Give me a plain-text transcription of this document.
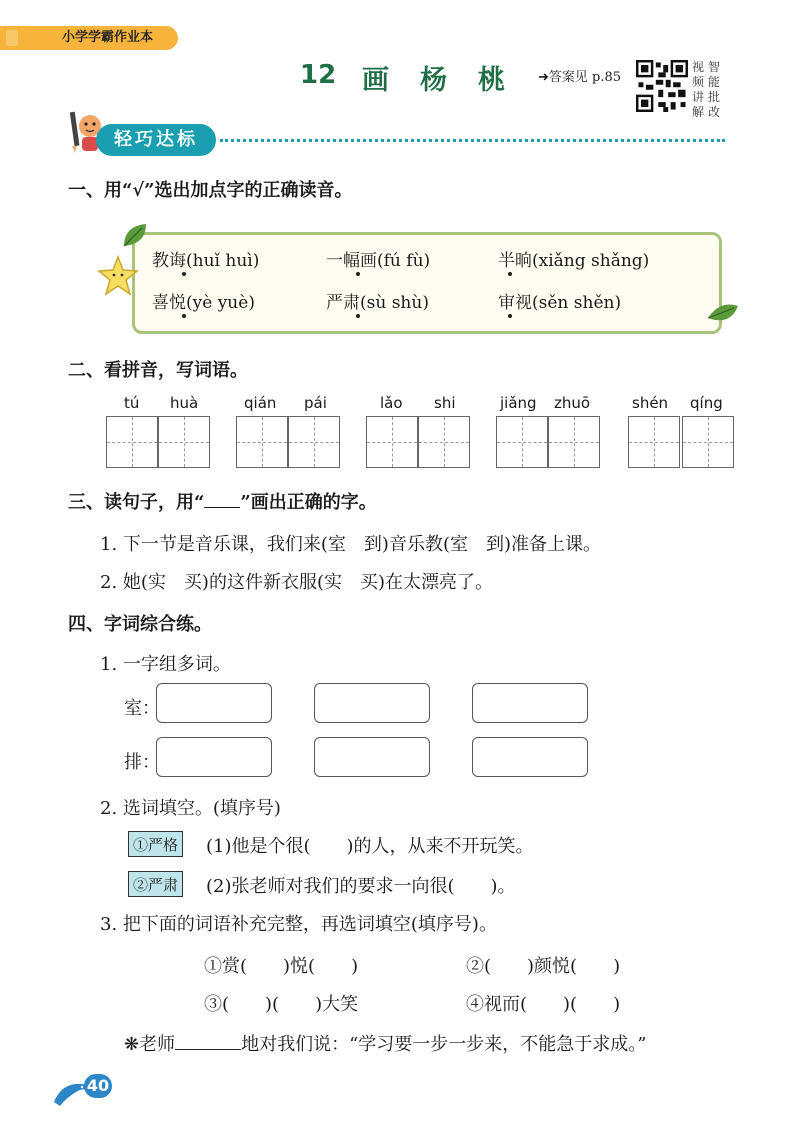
小学学霸作业本
12 画 杨 桃	➜答案见 p.85
视 智
频 能
讲 批
解 改
轻巧达标
一、用“√”选出加点字的正确读音。
教诲(huǐ huì)	一幅画(fú fù)	半晌(xiǎng shǎng)
喜悦(yè yuè)	严肃(sù shù)	审视(sěn shěn)
二、看拼音，写词语。
tú huà	qián pái	lǎo shi	jiǎng zhuō	shén qíng
三、读句子，用“ ”画出正确的字。
1. 下一节是音乐课，我们来(室　到)音乐教(室　到)准备上课。
2. 她(实　买)的这件新衣服(实　买)在太漂亮了。
四、字词综合练。
1. 一字组多词。
室：
排：
2. 选词填空。(填序号)
①严格 (1)他是个很(　　)的人，从来不开玩笑。
②严肃 (2)张老师对我们的要求一向很(　　)。
3. 把下面的词语补充完整，再选词填空(填序号)。
①赏(　　)悦(　　)	②(　　)颜悦(　　)
③(　　)(　　)大笑	④视而(　　)(　　)
❋老师	地对我们说：“学习要一步一步来，不能急于求成。”
40
